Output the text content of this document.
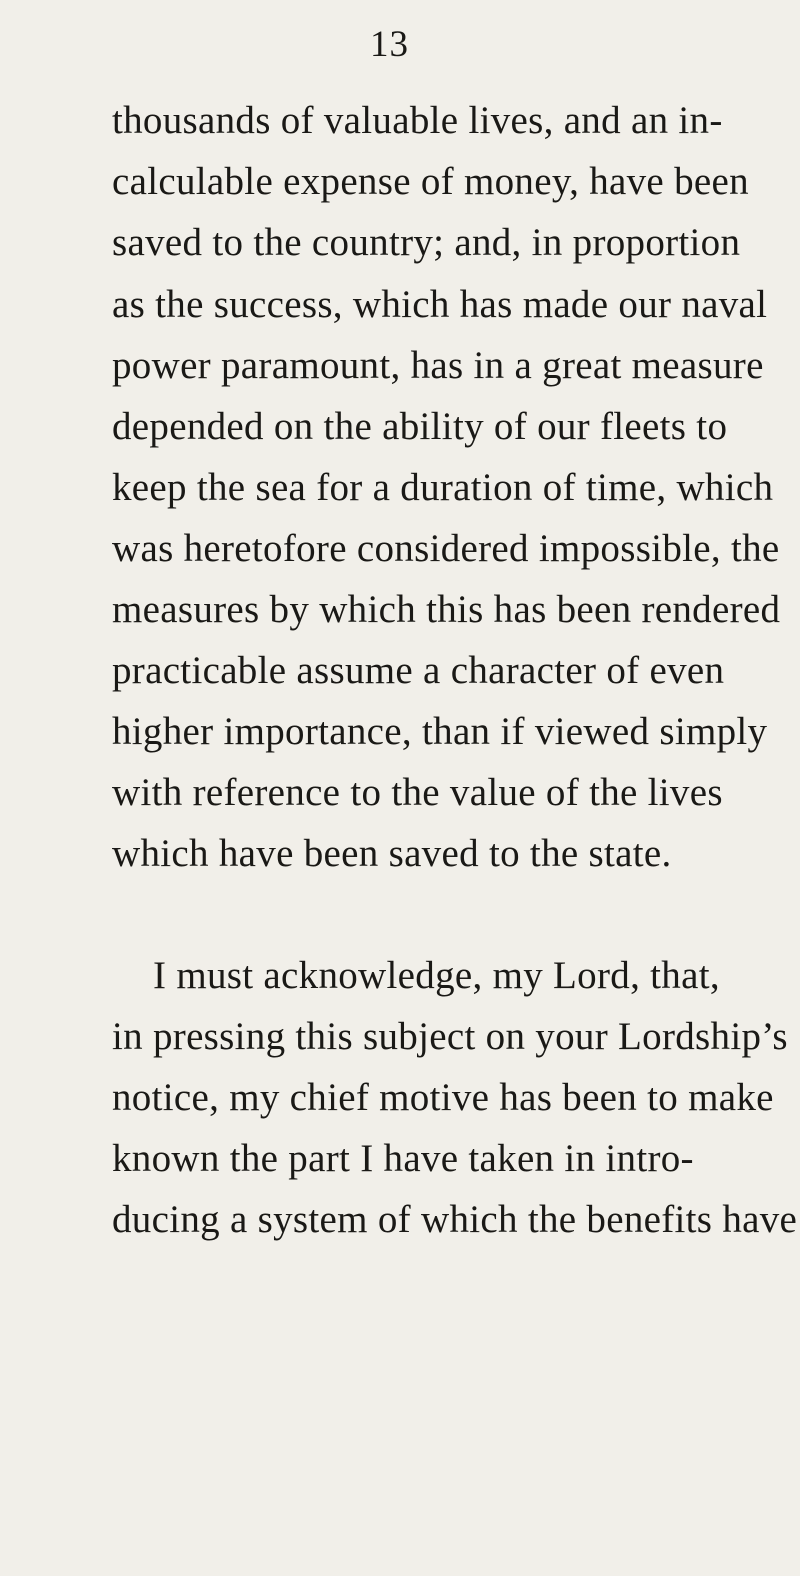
13
thousands of valuable lives, and an in-
calculable expense of money, have been
saved to the country; and, in proportion
as the success, which has made our naval
power paramount, has in a great measure
depended on the ability of our fleets to
keep the sea for a duration of time, which
was heretofore considered impossible, the
measures by which this has been rendered
practicable assume a character of even
higher importance, than if viewed simply
with reference to the value of the lives
which have been saved to the state.
I must acknowledge, my Lord, that,
in pressing this subject on your Lordship’s
notice, my chief motive has been to make
known the part I have taken in intro-
ducing a system of which the benefits have
